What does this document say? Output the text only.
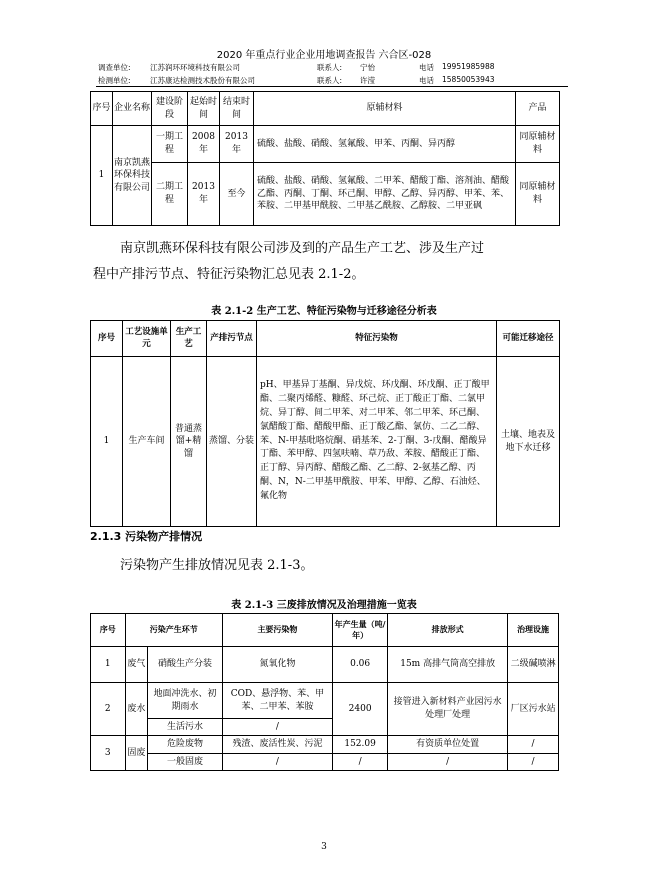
2020 年重点行业企业用地调查报告 六合区-028
调查单位:	江苏润环环境科技有限公司	联系人: 宁怡	电话 19951985988
检测单位:	江苏康达检测技术股份有限公司	联系人: 许滢	电话 15850053943
序号	企业名称	建设阶段	起始时间	结束时间	原辅材料	产品
1	南京凯燕环保科技有限公司	一期工程	2008年	2013年	硫酸、盐酸、硝酸、氢氟酸、甲苯、丙酮、异丙醇	同原辅材料
		二期工程	2013年	至今	硫酸、盐酸、硝酸、氢氟酸、二甲苯、醋酸丁酯、溶剂油、醋酸乙酯、丙酮、丁酮、环己酮、甲醇、乙醇、异丙醇、甲苯、苯、苯胺、二甲基甲酰胺、二甲基乙酰胺、乙醇胺、二甲亚砜	同原辅材料
南京凯燕环保科技有限公司涉及到的产品生产工艺、涉及生产过
程中产排污节点、特征污染物汇总见表 2.1-2。
表 2.1-2 生产工艺、特征污染物与迁移途径分析表
序号	工艺设施单元	生产工艺	产排污节点	特征污染物	可能迁移途径
1	生产车间	普通蒸馏+精馏	蒸馏、分装	pH、甲基异丁基酮、异戊烷、环戊酮、环戊酮、正丁酸甲酯、二聚丙烯醛、糠醛、环己烷、正丁酸正丁酯、二氯甲烷、异丁醇、间二甲苯、对二甲苯、邻二甲苯、环己酮、氯醋酸丁酯、醋酸甲酯、正丁酸乙酯、氯仿、二乙二醇、苯、N-甲基吡咯烷酮、硝基苯、2-丁酮、3-戊酮、醋酸异丁酯、苯甲醇、四氢呋喃、草乃敌、苯胺、醋酸正丁酯、正丁醇、异丙醇、醋酸乙酯、乙二醇、2-氨基乙醇、丙酮、N，N-二甲基甲酰胺、甲苯、甲醇、乙醇、石油烃、氟化物	土壤、地表及地下水迁移
2.1.3 污染物产排情况
污染物产生排放情况见表 2.1-3。
表 2.1-3 三废排放情况及治理措施一览表
序号	污染产生环节		主要污染物	年产生量（吨/年）	排放形式	治理设施
1	废气	硝酸生产分装	氮氧化物	0.06	15m 高排气筒高空排放	二级碱喷淋
2	废水	地面冲洗水、初期雨水	COD、悬浮物、苯、甲苯、二甲苯、苯胺	2400	接管进入新材料产业园污水处理厂处理	厂区污水站
		生活污水	/			
3	固废	危险废物	残渣、废活性炭、污泥	152.09	有资质单位处置	/
		一般固废	/	/	/	/
3
